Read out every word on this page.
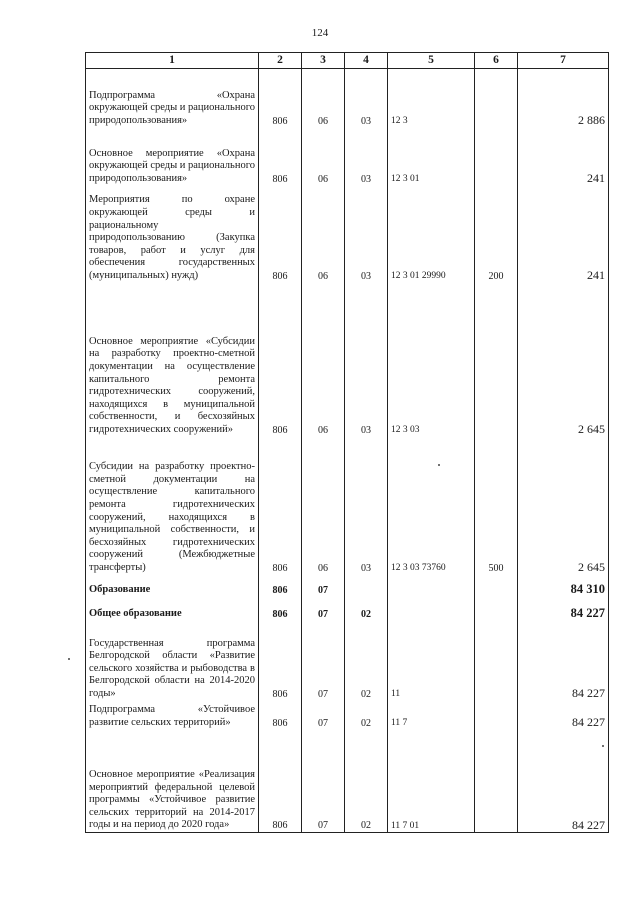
124
1	2	3	4	5	6	7
Подпрограмма «Охрана окружающей среды и рационального природопользования»	806	06	03	12 3		2 886
Основное мероприятие «Охрана окружающей среды и рационального природопользования»	806	06	03	12 3 01		241
Мероприятия по охране окружающей среды и рациональному природопользованию (Закупка товаров, работ и услуг для обеспечения государственных (муниципальных) нужд)	806	06	03	12 3 01 29990	200	241
Основное мероприятие «Субсидии на разработку проектно-сметной документации на осуществление капитального ремонта гидротехнических сооружений, находящихся в муниципальной собственности, и бесхозяйных гидротехнических сооружений»	806	06	03	12 3 03		2 645
Субсидии на разработку проектно-сметной документации на осуществление капитального ремонта гидротехнических сооружений, находящихся в муниципальной собственности, и бесхозяйных гидротехнических сооружений (Межбюджетные трансферты)	806	06	03	12 3 03 73760	500	2 645
Образование	806	07				84 310
Общее образование	806	07	02			84 227
Государственная программа Белгородской области «Развитие сельского хозяйства и рыбоводства в Белгородской области на 2014-2020 годы»	806	07	02	11		84 227
Подпрограмма «Устойчивое развитие сельских территорий»	806	07	02	11 7		84 227
Основное мероприятие «Реализация мероприятий федеральной целевой программы «Устойчивое развитие сельских территорий на 2014-2017 годы и на период до 2020 года»	806	07	02	11 7 01		84 227
